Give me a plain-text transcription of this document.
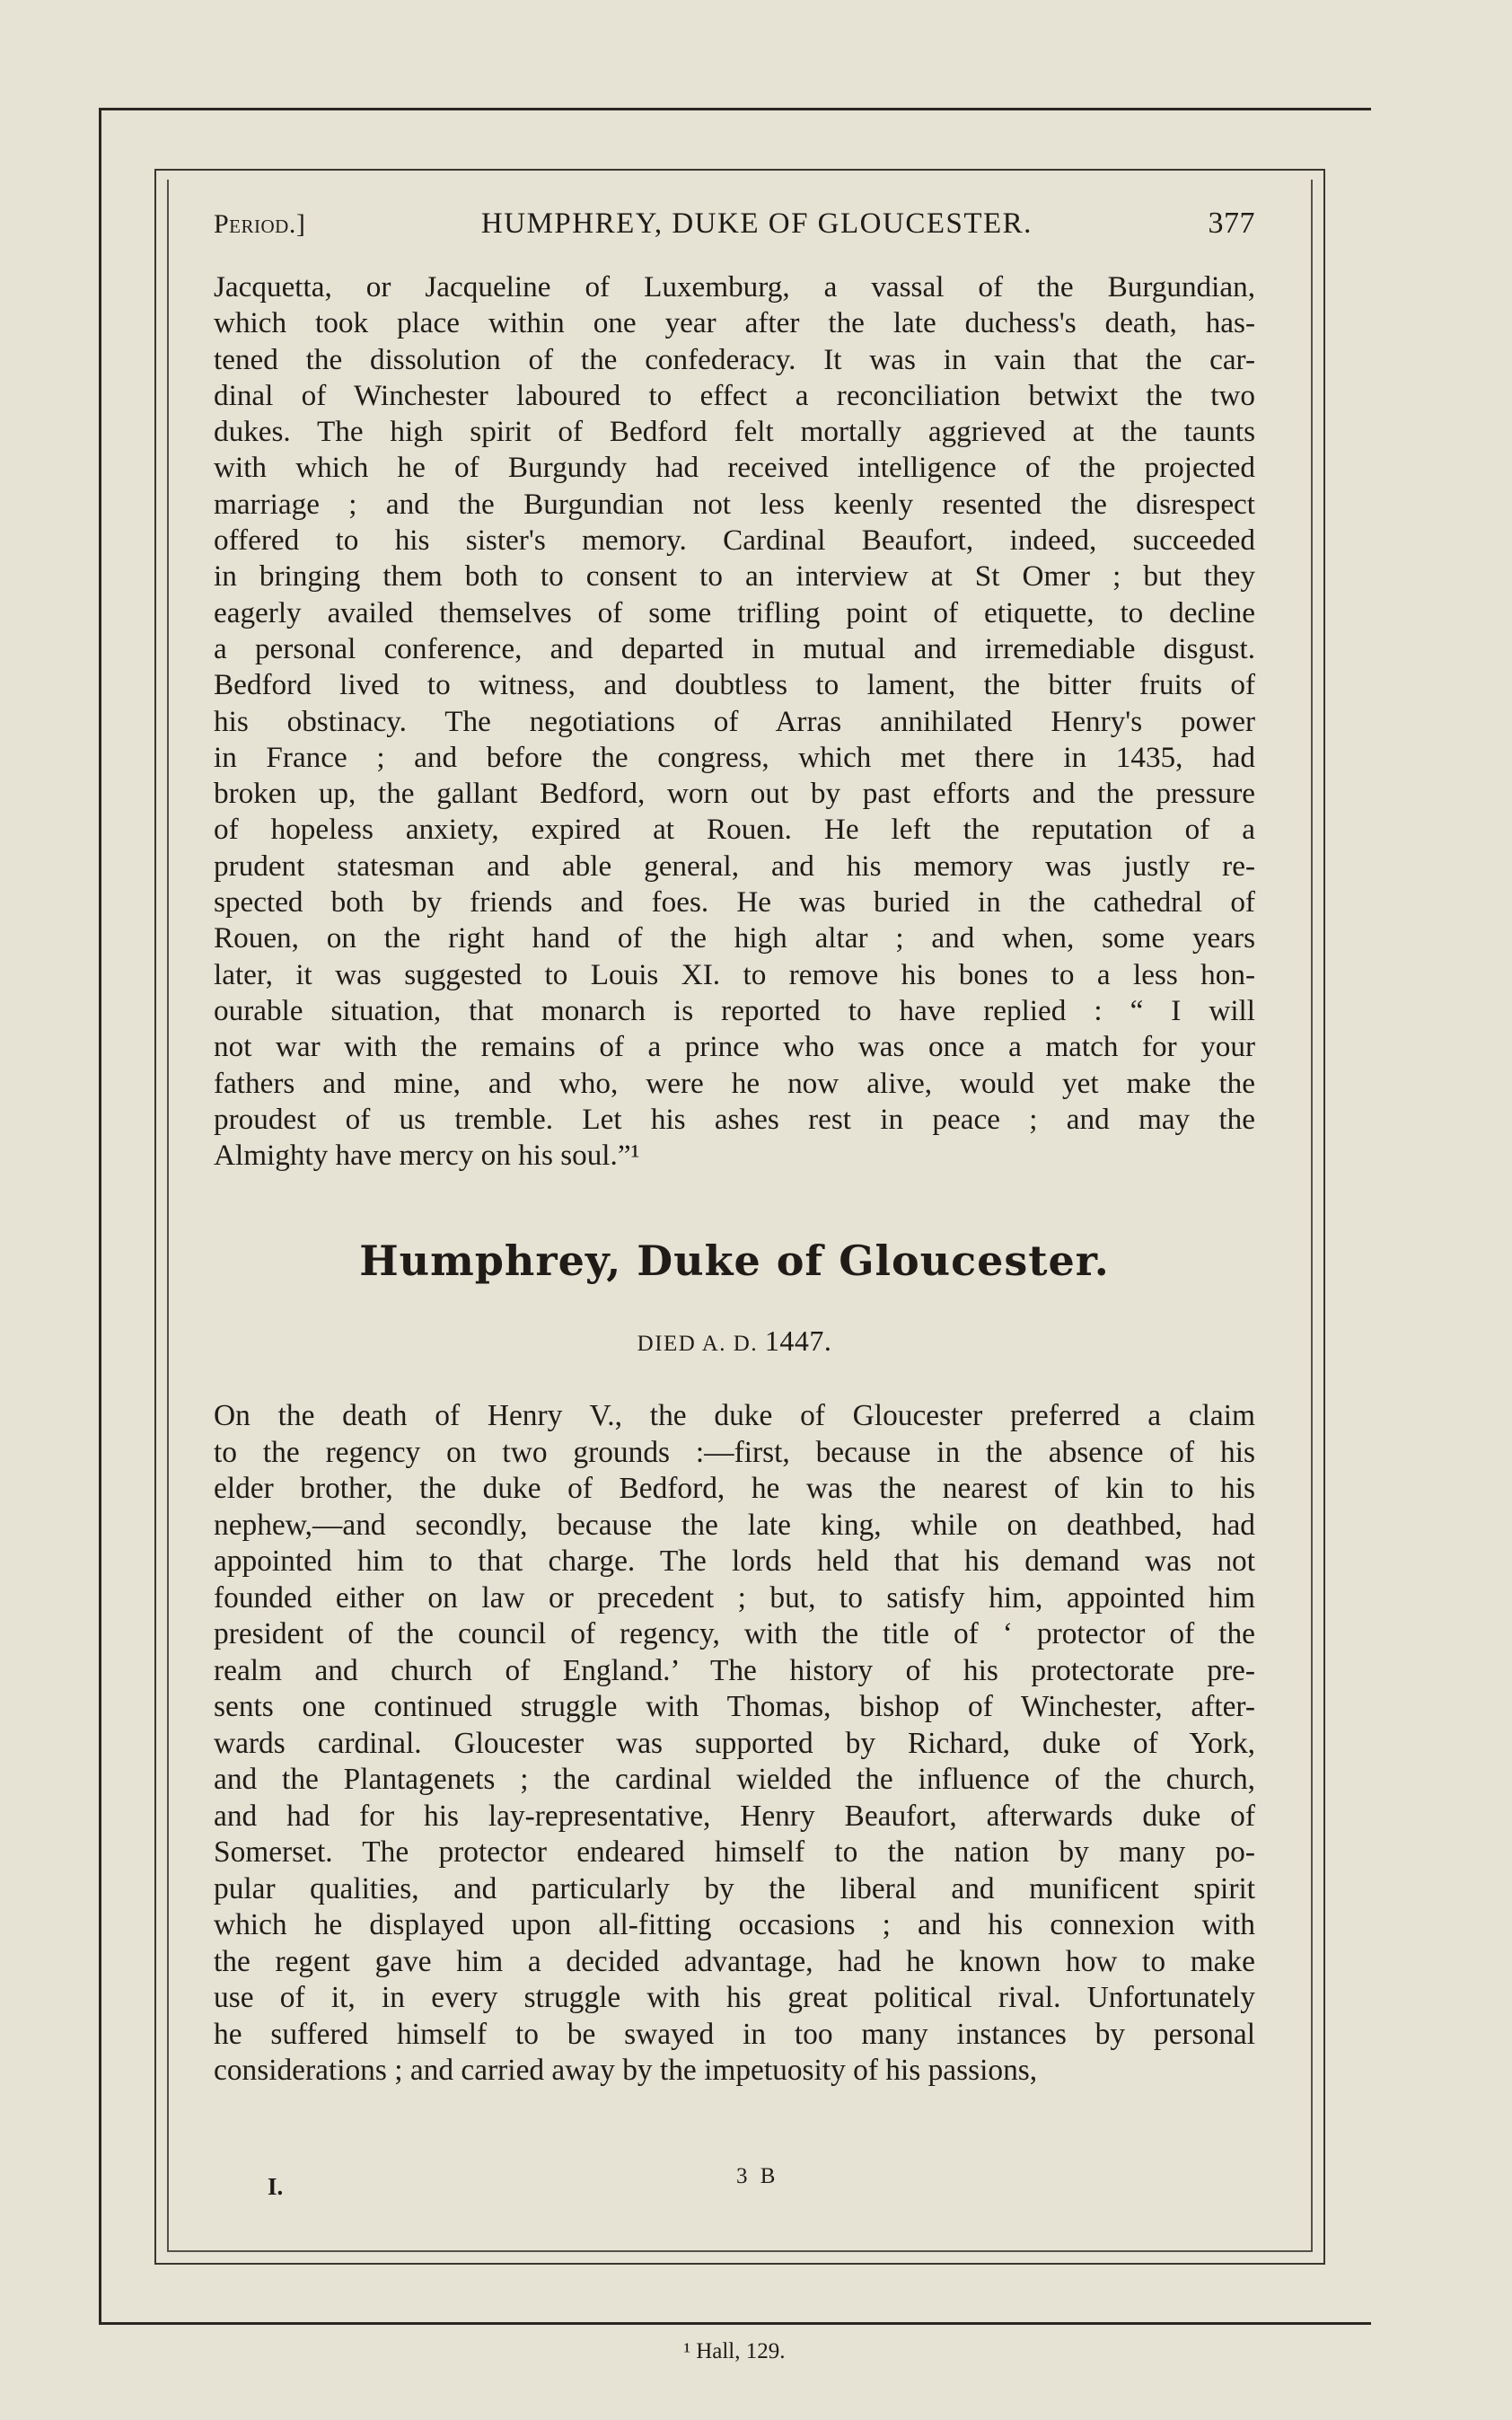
Period.]	HUMPHREY, DUKE OF GLOUCESTER.	377
Jacquetta, or Jacqueline of Luxemburg, a vassal of the Burgundian,
which took place within one year after the late duchess's death, has-
tened the dissolution of the confederacy. It was in vain that the car-
dinal of Winchester laboured to effect a reconciliation betwixt the two
dukes. The high spirit of Bedford felt mortally aggrieved at the taunts
with which he of Burgundy had received intelligence of the projected
marriage ; and the Burgundian not less keenly resented the disrespect
offered to his sister's memory. Cardinal Beaufort, indeed, succeeded
in bringing them both to consent to an interview at St Omer ; but they
eagerly availed themselves of some trifling point of etiquette, to decline
a personal conference, and departed in mutual and irremediable disgust.
Bedford lived to witness, and doubtless to lament, the bitter fruits of
his obstinacy. The negotiations of Arras annihilated Henry's power
in France ; and before the congress, which met there in 1435, had
broken up, the gallant Bedford, worn out by past efforts and the pressure
of hopeless anxiety, expired at Rouen. He left the reputation of a
prudent statesman and able general, and his memory was justly re-
spected both by friends and foes. He was buried in the cathedral of
Rouen, on the right hand of the high altar ; and when, some years
later, it was suggested to Louis XI. to remove his bones to a less hon-
ourable situation, that monarch is reported to have replied : “ I will
not war with the remains of a prince who was once a match for your
fathers and mine, and who, were he now alive, would yet make the
proudest of us tremble. Let his ashes rest in peace ; and may the
Almighty have mercy on his soul.”¹
Humphrey, Duke of Gloucester.
DIED A. D. 1447.
On the death of Henry V., the duke of Gloucester preferred a claim
to the regency on two grounds :—first, because in the absence of his
elder brother, the duke of Bedford, he was the nearest of kin to his
nephew,—and secondly, because the late king, while on deathbed, had
appointed him to that charge. The lords held that his demand was not
founded either on law or precedent ; but, to satisfy him, appointed him
president of the council of regency, with the title of ‘ protector of the
realm and church of England.’ The history of his protectorate pre-
sents one continued struggle with Thomas, bishop of Winchester, after-
wards cardinal. Gloucester was supported by Richard, duke of York,
and the Plantagenets ; the cardinal wielded the influence of the church,
and had for his lay-representative, Henry Beaufort, afterwards duke of
Somerset. The protector endeared himself to the nation by many po-
pular qualities, and particularly by the liberal and munificent spirit
which he displayed upon all-fitting occasions ; and his connexion with
the regent gave him a decided advantage, had he known how to make
use of it, in every struggle with his great political rival. Unfortunately
he suffered himself to be swayed in too many instances by personal
considerations ; and carried away by the impetuosity of his passions,
¹ Hall, 129.
I.	3 B
